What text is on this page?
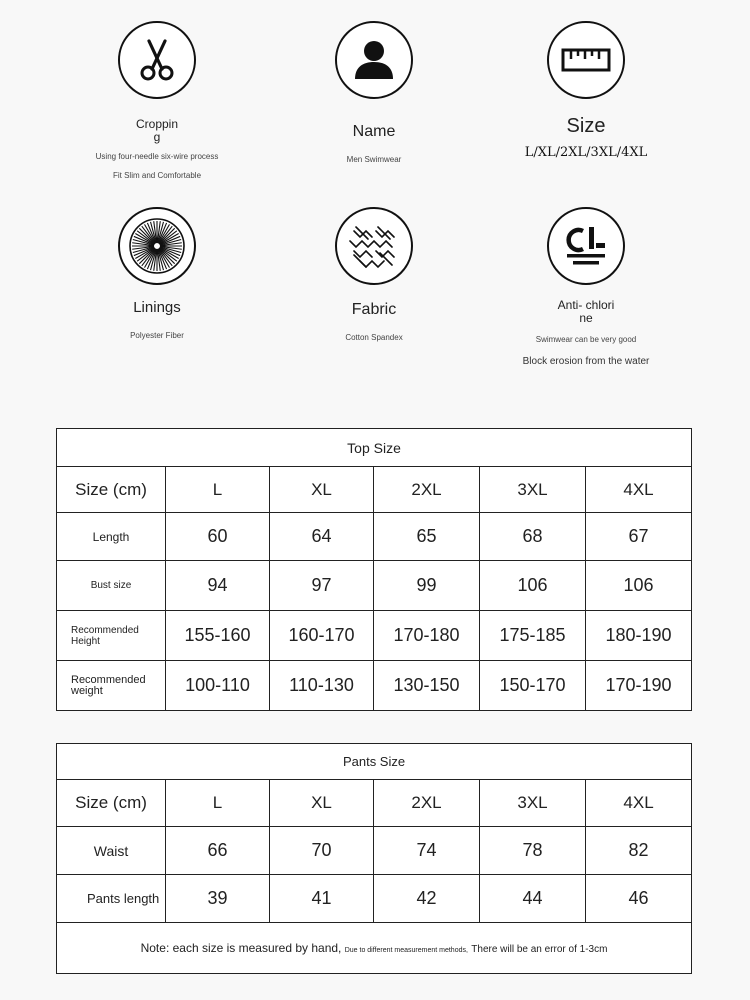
Croppin g
Using four-needle six-wire process
Fit Slim and Comfortable
Name
Men Swimwear
Size
L/XL/2XL/3XL/4XL
Linings
Polyester Fiber
Fabric
Cotton Spandex
Anti- chlorine
Swimwear can be very good
Block erosion from the water
Top Size					
Size (cm)	L	XL	2XL	3XL	4XL
Length	60	64	65	68	67
Bust size	94	97	99	106	106
Recommended Height	155-160	160-170	170-180	175-185	180-190
Recommended weight	100-110	110-130	130-150	150-170	170-190
Pants Size					
Size (cm)	L	XL	2XL	3XL	4XL
Waist	66	70	74	78	82
Pants length	39	41	42	44	46
Note: each size is measured by hand, Due to different measurement methods, There will be an error of 1-3cm					
